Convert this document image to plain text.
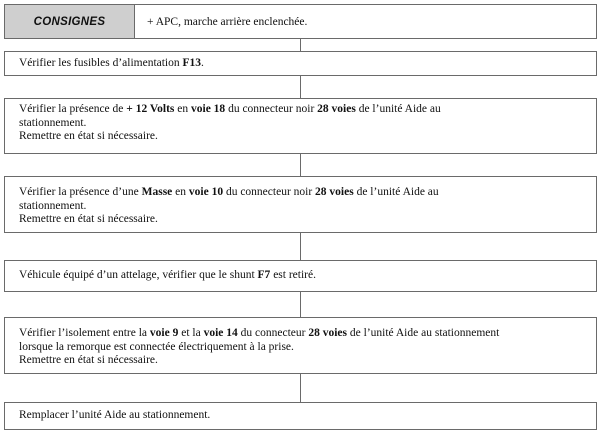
CONSIGNES	+ APC, marche arrière enclenchée.
Vérifier les fusibles d’alimentation F13.
Vérifier la présence de + 12 Volts en voie 18 du connecteur noir 28 voies de l’unité Aide au
stationnement.
Remettre en état si nécessaire.
Vérifier la présence d’une Masse en voie 10 du connecteur noir 28 voies de l’unité Aide au
stationnement.
Remettre en état si nécessaire.
Véhicule équipé d’un attelage, vérifier que le shunt F7 est retiré.
Vérifier l’isolement entre la voie 9 et la voie 14 du connecteur 28 voies de l’unité Aide au stationnement
lorsque la remorque est connectée électriquement à la prise.
Remettre en état si nécessaire.
Remplacer l’unité Aide au stationnement.
